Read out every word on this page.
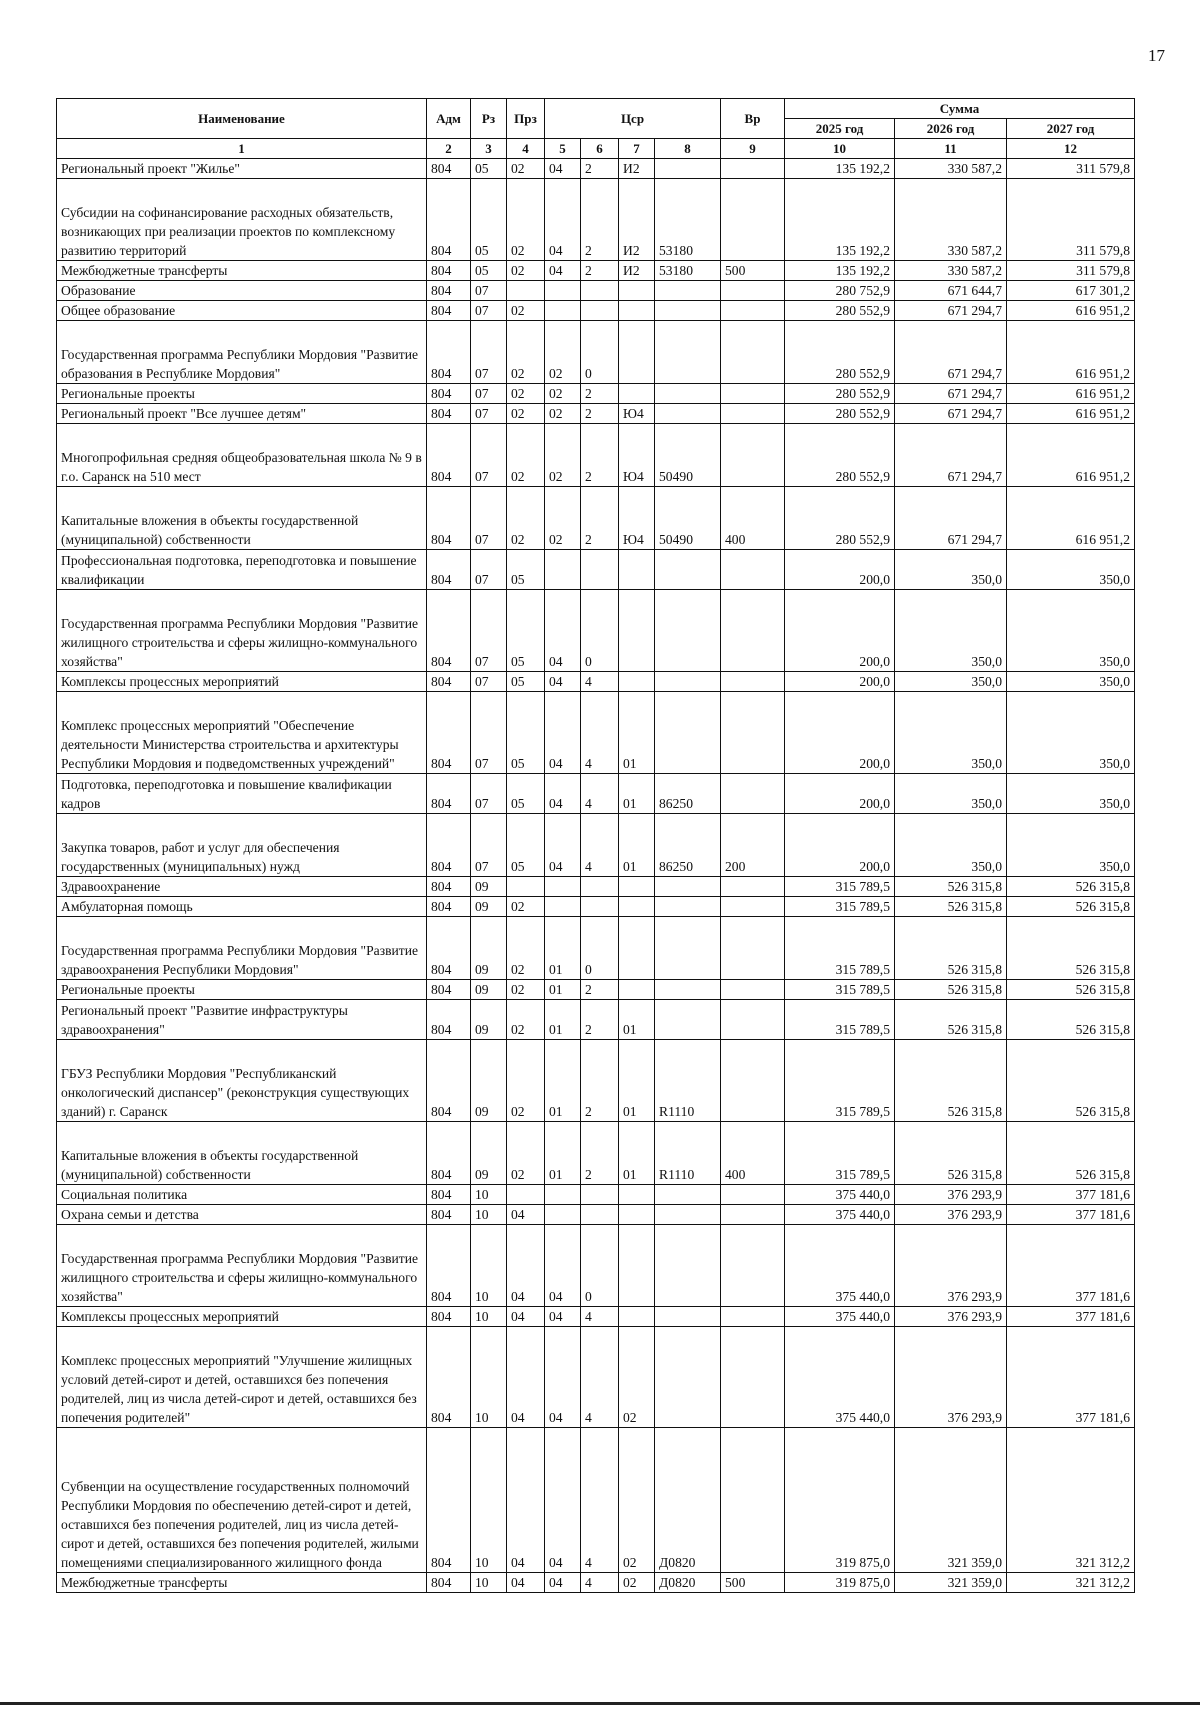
17
Наименование	Адм	Рз	Прз	Цср				Вр	Сумма		
									2025 год	2026 год	2027 год
1	2	3	4	5	6	7	8	9	10	11	12
Региональный проект "Жилье"	804	05	02	04	2	И2			135 192,2	330 587,2	311 579,8
Субсидии на софинансирование расходных обязательств, возникающих при реализации проектов по комплексному развитию территорий	804	05	02	04	2	И2	53180		135 192,2	330 587,2	311 579,8
Межбюджетные трансферты	804	05	02	04	2	И2	53180	500	135 192,2	330 587,2	311 579,8
Образование	804	07							280 752,9	671 644,7	617 301,2
Общее образование	804	07	02						280 552,9	671 294,7	616 951,2
Государственная программа Республики Мордовия "Развитие образования в Республике Мордовия"	804	07	02	02	0				280 552,9	671 294,7	616 951,2
Региональные проекты	804	07	02	02	2				280 552,9	671 294,7	616 951,2
Региональный проект "Все лучшее детям"	804	07	02	02	2	Ю4			280 552,9	671 294,7	616 951,2
Многопрофильная средняя общеобразовательная школа № 9 в г.о. Саранск на 510 мест	804	07	02	02	2	Ю4	50490		280 552,9	671 294,7	616 951,2
Капитальные вложения в объекты государственной (муниципальной) собственности	804	07	02	02	2	Ю4	50490	400	280 552,9	671 294,7	616 951,2
Профессиональная подготовка, переподготовка и повышение квалификации	804	07	05						200,0	350,0	350,0
Государственная программа Республики Мордовия "Развитие жилищного строительства и сферы жилищно-коммунального хозяйства"	804	07	05	04	0				200,0	350,0	350,0
Комплексы процессных мероприятий	804	07	05	04	4				200,0	350,0	350,0
Комплекс процессных мероприятий "Обеспечение деятельности Министерства строительства и архитектуры Республики Мордовия и подведомственных учреждений"	804	07	05	04	4	01			200,0	350,0	350,0
Подготовка, переподготовка и повышение квалификации кадров	804	07	05	04	4	01	86250		200,0	350,0	350,0
Закупка товаров, работ и услуг для обеспечения государственных (муниципальных) нужд	804	07	05	04	4	01	86250	200	200,0	350,0	350,0
Здравоохранение	804	09							315 789,5	526 315,8	526 315,8
Амбулаторная помощь	804	09	02						315 789,5	526 315,8	526 315,8
Государственная программа Республики Мордовия "Развитие здравоохранения Республики Мордовия"	804	09	02	01	0				315 789,5	526 315,8	526 315,8
Региональные проекты	804	09	02	01	2				315 789,5	526 315,8	526 315,8
Региональный проект "Развитие инфраструктуры здравоохранения"	804	09	02	01	2	01			315 789,5	526 315,8	526 315,8
ГБУЗ Республики Мордовия "Республиканский онкологический диспансер" (реконструкция существующих зданий) г. Саранск	804	09	02	01	2	01	R1110		315 789,5	526 315,8	526 315,8
Капитальные вложения в объекты государственной (муниципальной) собственности	804	09	02	01	2	01	R1110	400	315 789,5	526 315,8	526 315,8
Социальная политика	804	10							375 440,0	376 293,9	377 181,6
Охрана семьи и детства	804	10	04						375 440,0	376 293,9	377 181,6
Государственная программа Республики Мордовия "Развитие жилищного строительства и сферы жилищно-коммунального хозяйства"	804	10	04	04	0				375 440,0	376 293,9	377 181,6
Комплексы процессных мероприятий	804	10	04	04	4				375 440,0	376 293,9	377 181,6
Комплекс процессных мероприятий "Улучшение жилищных условий детей-сирот и детей, оставшихся без попечения родителей, лиц из числа детей-сирот и детей, оставшихся без попечения родителей"	804	10	04	04	4	02			375 440,0	376 293,9	377 181,6
Субвенции на осуществление государственных полномочий Республики Мордовия по обеспечению детей-сирот и детей, оставшихся без попечения родителей, лиц из числа детей-сирот и детей, оставшихся без попечения родителей, жилыми помещениями специализированного жилищного фонда	804	10	04	04	4	02	Д0820		319 875,0	321 359,0	321 312,2
Межбюджетные трансферты	804	10	04	04	4	02	Д0820	500	319 875,0	321 359,0	321 312,2
